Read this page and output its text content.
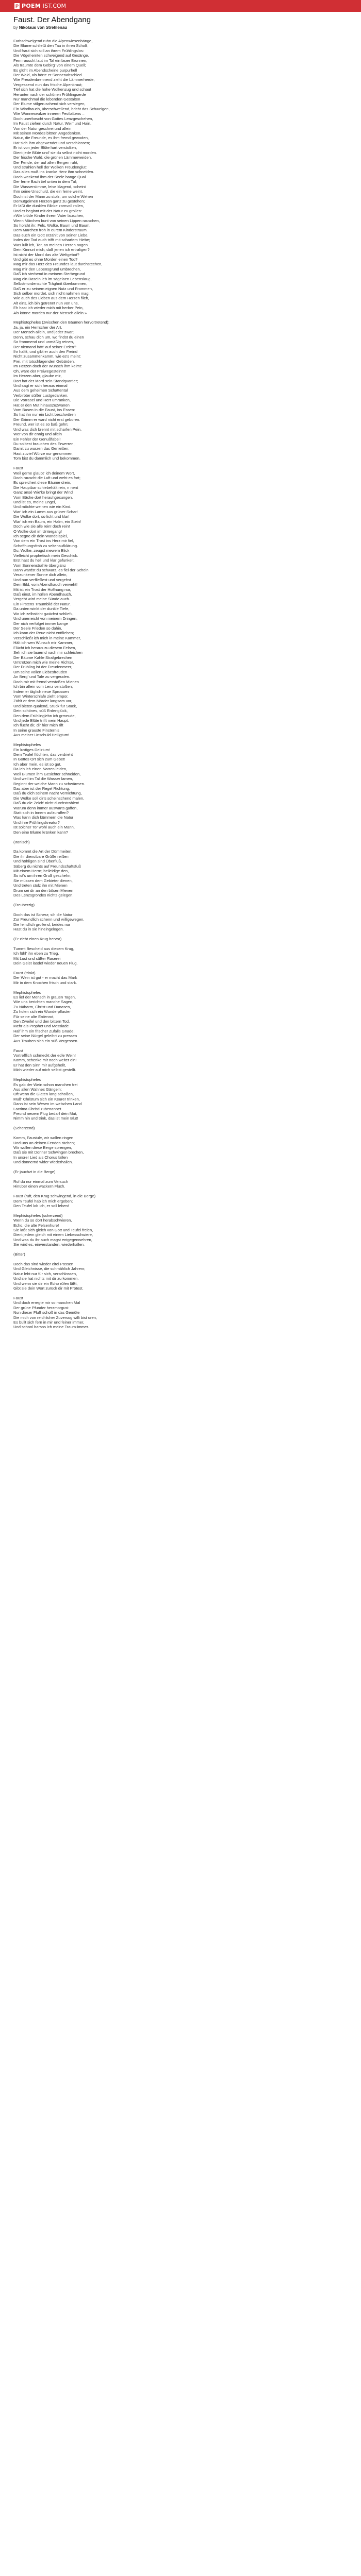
P POEM IST.COM
Faust. Der Abendgang
by Nikolaus von Strehlenau
Farbschweigend ruhn die Alpenwiesenhänge,
Die Blume schließt den Tau in ihren Schoß,
Und fraut sich still an ihrem Frühlingslos:
Die Vögel ernten schweigend auf Gesänge.
Fern rauscht laut im Tal ein lauer Bronnen,
Als träumte dem Gebirg' von einem Quell;
Es glüht im Abendscheine purpurhell
Der Wald, als hörte er Sonnenabschied
Wie Freudenbrennend zieht die Lämmerherde,
Vergessend nun das frische Alpenkraut;
Tief sich hat die hohe Wolkenzug und schaut
Herunter nach der schönen Frühlingserde
Nur manchmal die lebenden Gestalten
Der Blume stilgeruschend sich versiegen,
Ein Windhauch, überschwellend, bricht das Schweigen,
Wie Wonneseufzer inneren Festlaßens –
Doch unerforscht von Gottes Lenzgeschehen,
Im Faust ziehen durch Natur, Weir' und Hain,
Von der Natur geschrei und allein
Mit seinen Mordes bittren Angedenken.
Natur, die Freunde, es ihm fremd gewoden,
Hat sich ihm abgewendet und verschlossen;
Er ist von jeder Blüte hart verstoßen,
Dient jede Blüte und' sie du selbst nicht morden.
Der frische Wald, die grünen Lämmerweiden,
Der Fende, der auf allen Bergen ruht,
Und strahlen hell der Wolken Freudenglut:
Das alles muß ins kranke Herz ihm schneiden.
Doch weckend ihm der Seele bange Qual
Der ferne Bach tief unten in dem Tal;
Die Wasserstimme, leise klagend, scheint
Ihm seine Unschuld, die ein ferne weint.
Doch ist der Mann zu stolz, um solche Wehen
Demutgeirnen Herzen ganz zu gestehen;
Er läßt die dunklen Blicke zornvoll rollen,
Und er beginnt mit der Natur zu grollen:
»Wie blöde Kinder ihrem Vater lauschen,
Wenn Märchen bunt von seinen Lippen rauschen,
So horcht ihr, Fels, Wolke, Baum und Baum,
Dem Märchen froh in eurem Kinderstraum.
Das euch ein Gott erzählt von seiner Liebe,
Indes der Tod euch trifft mit scharfem Hiebe;
Was lullt ich, Tor, an meinen Herzen nagen
Dein Kinnurt mich, daß jenen ich ertraligen?
Ist nicht der Mord das alte Weltgebot?
Und gibt es ohne Morden einen Tod?
Mag mir das Herz des Freundes laut durchstechen,
Mag mir den Lebensgrund umbrechen,
Daß ich sterbend in meinem Sterbegrund
Mag ein Dasein leb im sägelaen Lebenslaug,
Selbstmordenschte Träghnit überkommen,
Daß er zu seinem eignen Nutz und Frommen,
Sich selber mordet, sich nicht nahmen mag;
Wie auch des Lieben aus dem Herzen flieh,
Alt eins, ich bin getrennt nun von uns,
Eh hast ich wieder mich mit herber Pein,
Als könne morden nur der Mensch allein.»
Mephistopheles (zwischen den Bäumen hervortretend):
Ja, ja, ein Herrscher der Art,
Der Mensch allein, und jeder zwar;
Denn, schau dich um, wo findst du einen
So frommend und unmäßig reinen,
Der niemand hätt' auf seiner Erden?
Ihr halfit, und gibt er auch den Freind
Nicht zusammenkamm, wie es's meint:
Frei, mit totschlagenden Gebärden,
Im Herzen doch der Wunsch ihm keimt:
Oh, wäre der Freiwegesteinnt!
Im Herzen aber, glaube mir,
Dort hat der Mord sein Standquartier;
Und sagt er sich heraus einmal
Aus dem geheimen Schattental
Verbirbter süßer Lustgedanken,
Die Vorrasel und Herr umranken,
Hat er den Mut hinauszuzwanen
Vom Busen in die Faust, ins Essen:
So hat ihn nur ein Licht beschwören
Der Grimm er ward nicht erst geboren.
Freund, wer ist es so baß gehn;
Und was dich brennt mit scharfen Pein,
Wer von dir ennig und allein
Ein Fehler der Genußfabel!
Du solltest brauchen des Erwerren,
Damit zu wurzen das Genießen;
Hast zuviel Würze nur genommen,
Tom bist du dammlich und bekommen.
Faust
Weil gerne glaubt' ich deinem Wort,
Doch rauscht die Luft und weht es fort;
Es spreichert diese Bäume drein,
Die Hauptbar schiebehält rein, n nent
Ganz ansé Wie'ke bringt der Wind
Vom Bäche dort herauhgesungen,
Und ist es, meine Engel,
Und möchte weinen wie ein Kind.
War' ich ein Lamm aus grüner Schar!
Die Wolke dort, so licht und klar!
War' ich ein Baum, ein Halm, ein Stein!
Doch wie sie alle rein! doch rein!
O Wolke dort im Untergang!
Ich segne dir dein Wandelspiel,
Von dem ein Trost ins Herz mir fiel,
Schoffnungsfroh zu seltenaufklärung.
Du, Wolke, zeugst mewem Blick
Vielleicht prophetisch mein Geschick.
Erst hast du hell und klar gefunkelt,
Vom Sonnenstrahle übergiänz
Dann wardst du schwarz, es fiel der Schein
Verzunkener Sonne dich allein,
Und nun verfließest und vergehst
Dein Bild, vom Abendhauch verweht!
Mit ist ein Trost der Hoffnung nur,
Daß einst, im hüllen Abendhauch,
Vergeht wird meine Sünde auch.
Ein Firstens Traumbild der Natur.
Da unten winkt der dunkle Tiefe,
Wo ich zelbsticht gwächst schlief»,
Und unerreicht von meinem Dringen,
Der nich verfolget immer bange
Der Seele Frieden so dahin,
Ich kann der Reue nicht entfliehen;
Verschließt ich mich in meine Kammer,
Hält ich wen Wunsch mir Kammer,
Flücht ich heraus zu diesem Felsen,
Seh ich sie lauernd nach mir schleichen
Der Bäume Kahle Strafgebrechen
Umtrotzen mich wie meine Richter,
Der Frühling ist der Freudenmeer,
Um seine vollen Liebesfreuden
An Berg' und Tale zu vergeuden.
Doch mir mit fremd verstoßen Mienen
Ich bin allein vom Lenz verstoßen;
Indem er täglich neue Sprossen
Vom Winterschlafe zieht empor,
Zählt er dem Mörder langsam vor,
Und bieten qualend, Stück für Stück,
Dein schönes, süß Erdenglück,
Den dem Frühlinglebn ich grmeude,
Und jede Blüte trifft mein Haupt.
Ich flucht dir, dir hier mich rift
In seine grauste Finsternis
Aus meiner Unschuld Heiligtum!
Mephistopheles
Ein lustiges Delirium!
Dem Teufel flüchten, das verdrieht
In Gottes Ort sich zum Gebet!
Ich aber mein, es ist so gut,
Da ieh ich einen Narren leiden,
Weil Blumen ihm Gesichter schneiden,
Und weil im Tal die Wasser lamen,
Beginnt der weiche Mann zu schwärmen.
Das aber ist der Regel Richtung,
Daß du dich seinem nacht Vernichtung,
Die Wolke soll dir's scheinschend malen,
Daß du die Zeich' nicht durchstrahlen!
Wärum denn immer auswärts gaffen,
Statt sich in Innern aufzuraffen?
Was kann dich kümmern die Natur
Und ihre Frühlingskreatur?
Ist solcher Tor wohl auch ein Mann,
Den eine Blume kränken kann?
(Ironisch)
Da kommt die Art der Dümmeiten,
Die ihr dienstbare Grüße reißen
Und höhligen sind Überfluß,
Säberg du nichts auf Freundschaftsfuß
Mit einem Herrn; beileidige den,
So ist's um ihren Gruß geschehn;
Sie müssen dem Gebieter dienen,
Und treten stolz ihn mit Mienen
Drum sei dir an den bösen Mienen
Des Lenzsgrondes nichts gelegen.
(Treuherzig)
Doch das ist Scherz; sih die Natur
Zur Freundlich schenn und willigewegen,
Die feindlich grollend, beides nur
Hast du in sie hineingelogen.
(Er zieht einen Krug hervor)
Tummt Bescheid aus diesem Krug,
Ich fühl' ihn eben zu Trieg.
Mit Lust und süßer Raserei
Dein Geist lasdef wieder neuen Flug.
Faust (trinkt)
Der Wein ist gut - er macht das Mark
Mir in dem Knochen frisch und stark.
Mephistopheles
Es lief der Mensch in grauen Tagen,
Wie uns berichten manche Sagen,
Zu Näharm, Christ und Dunasen,
Zu holen sich ein Wunderpflaster
Für seine alte Erdenrot,
Den Zweifel und den bittern Tod.
Mehr als Prophet und Messiade
Half ihm ein frischer Zufalls Gnade;
Der seine Nürgel geleihrt zu pressen
Aus Trauben sich ein süß Vergessen.
Faust
Vortrefflich schmeckt der edle Wein!
Komm, schenke mir noch weiter ein!
Er hat den Sinn mir aufgehellt,
Mich wieder auf mich selbst gestellt.
Mephistopheles
Es gab der Wein schon manchen frei
Aus allen Wahnes Gängeln;
Oft wenn die Glaten lang schoßen,
Muß' Christum sich ein Keurer trinken,
Dann ist sein Wesen im welschen Land
Lacrima Christi zubenannet.
Freund neuern Flug bedarf dein Mut,
Nimm hin und trink, das ist mein Blut!
(Scherzend)
Komm, Faustule, wir wollen ringen
Und uns an deinen Fenden rächen;
Wir wollen diese Berge sprengen,
Daß sie mit Donner Schwingen brechen,
In unsrer Lied als Chorus fallen
Und donnernd wider wiederhallen.
(Er jauchzt in die Berge)
Ruf du nur einmal zum Versuch
Hinüber einen wackern Fluch.
Faust (ruft, den Krug schwingend, in die Berge)
Dem Teufel hab ich mich ergeben;
Den Teufel lob ich, er soll leben!
Mephistopheles (scherzend)
Wenn du so dort herabschwieren,
Echo, die alte Felsenhure!
Sie läßt sich gleich von Gott und Teufel freien,
Dient jedem gleich mit einem Liebesschwiere,
Und was du ihr auch magst entgegenwehren,
Sie wird es, einverstanden, wiederhallen.
(Bitter)
Doch das sind wieder eitel Possen
Und Gleichnisse, die schmählich Jahrenr,
Natur lebt nur für sich, verschlossen,
Und sie hat nichts mit dir zu kommen.
Und wenn sie dir ein Echo rüfen läßt,
Gibt sie dein Wort zurück dir mit Protest.
Faust
Und doch erregte mir so manchen Mal
Der grüne Pfunder herzmorgust
Nun dieser Fluß schoß in das Gemüte
Die mich von reichlicher Zuversog willi bist oren,
Es bullt sich fern in mir und feiner immer,
Und schonl barsos ich meine Traum-immer.
